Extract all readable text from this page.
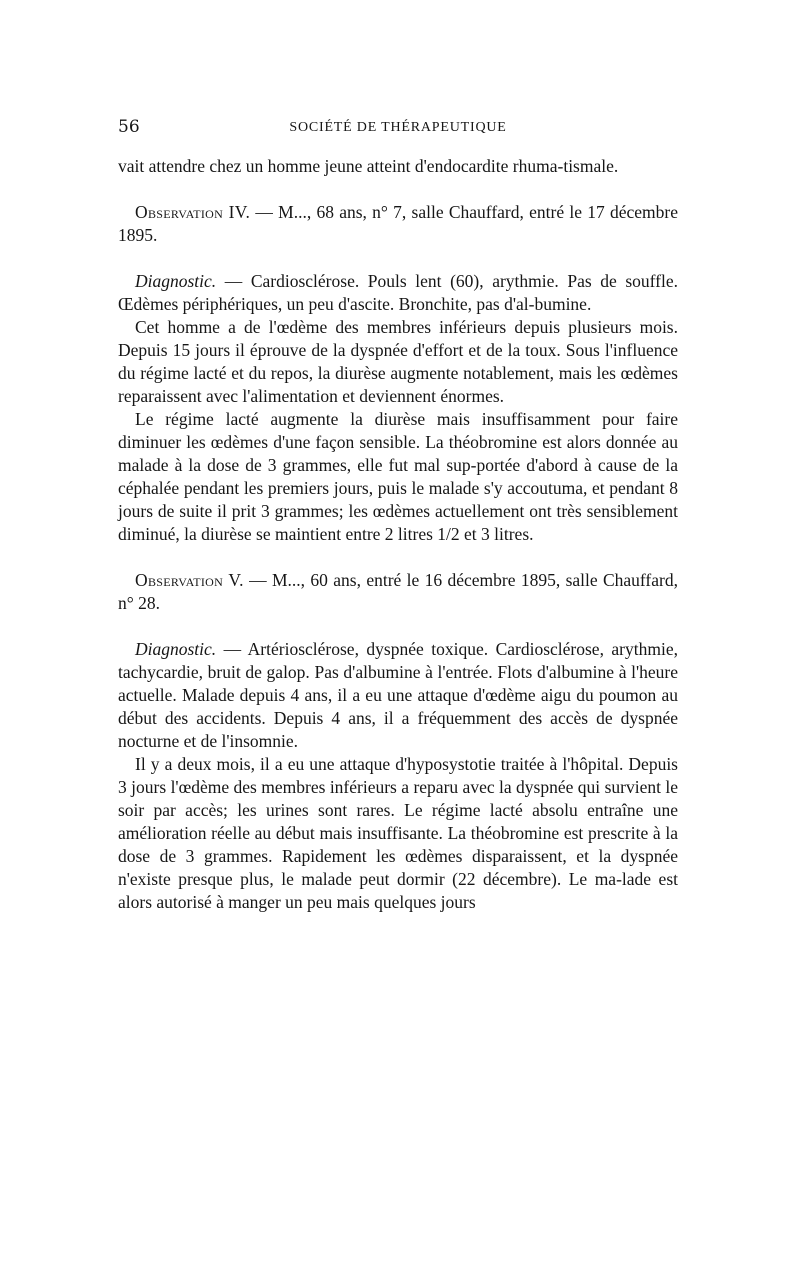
56	SOCIÉTÉ DE THÉRAPEUTIQUE

vait attendre chez un homme jeune atteint d'endocardite rhuma-tismale.

Observation IV. — M..., 68 ans, n° 7, salle Chauffard, entré le 17 décembre 1895.

Diagnostic. — Cardiosclérose. Pouls lent (60), arythmie. Pas de souffle. Œdèmes périphériques, un peu d'ascite. Bronchite, pas d'al-bumine.

Cet homme a de l'œdème des membres inférieurs depuis plusieurs mois. Depuis 15 jours il éprouve de la dyspnée d'effort et de la toux. Sous l'influence du régime lacté et du repos, la diurèse augmente notablement, mais les œdèmes reparaissent avec l'alimentation et deviennent énormes.

Le régime lacté augmente la diurèse mais insuffisamment pour faire diminuer les œdèmes d'une façon sensible. La théobromine est alors donnée au malade à la dose de 3 grammes, elle fut mal sup-portée d'abord à cause de la céphalée pendant les premiers jours, puis le malade s'y accoutuma, et pendant 8 jours de suite il prit 3 grammes; les œdèmes actuellement ont très sensiblement diminué, la diurèse se maintient entre 2 litres 1/2 et 3 litres.

Observation V. — M..., 60 ans, entré le 16 décembre 1895, salle Chauffard, n° 28.

Diagnostic. — Artériosclérose, dyspnée toxique. Cardiosclérose, arythmie, tachycardie, bruit de galop. Pas d'albumine à l'entrée. Flots d'albumine à l'heure actuelle. Malade depuis 4 ans, il a eu une attaque d'œdème aigu du poumon au début des accidents. Depuis 4 ans, il a fréquemment des accès de dyspnée nocturne et de l'insomnie.

Il y a deux mois, il a eu une attaque d'hyposystotie traitée à l'hôpital. Depuis 3 jours l'œdème des membres inférieurs a reparu avec la dyspnée qui survient le soir par accès; les urines sont rares. Le régime lacté absolu entraîne une amélioration réelle au début mais insuffisante. La théobromine est prescrite à la dose de 3 grammes. Rapidement les œdèmes disparaissent, et la dyspnée n'existe presque plus, le malade peut dormir (22 décembre). Le ma-lade est alors autorisé à manger un peu mais quelques jours
